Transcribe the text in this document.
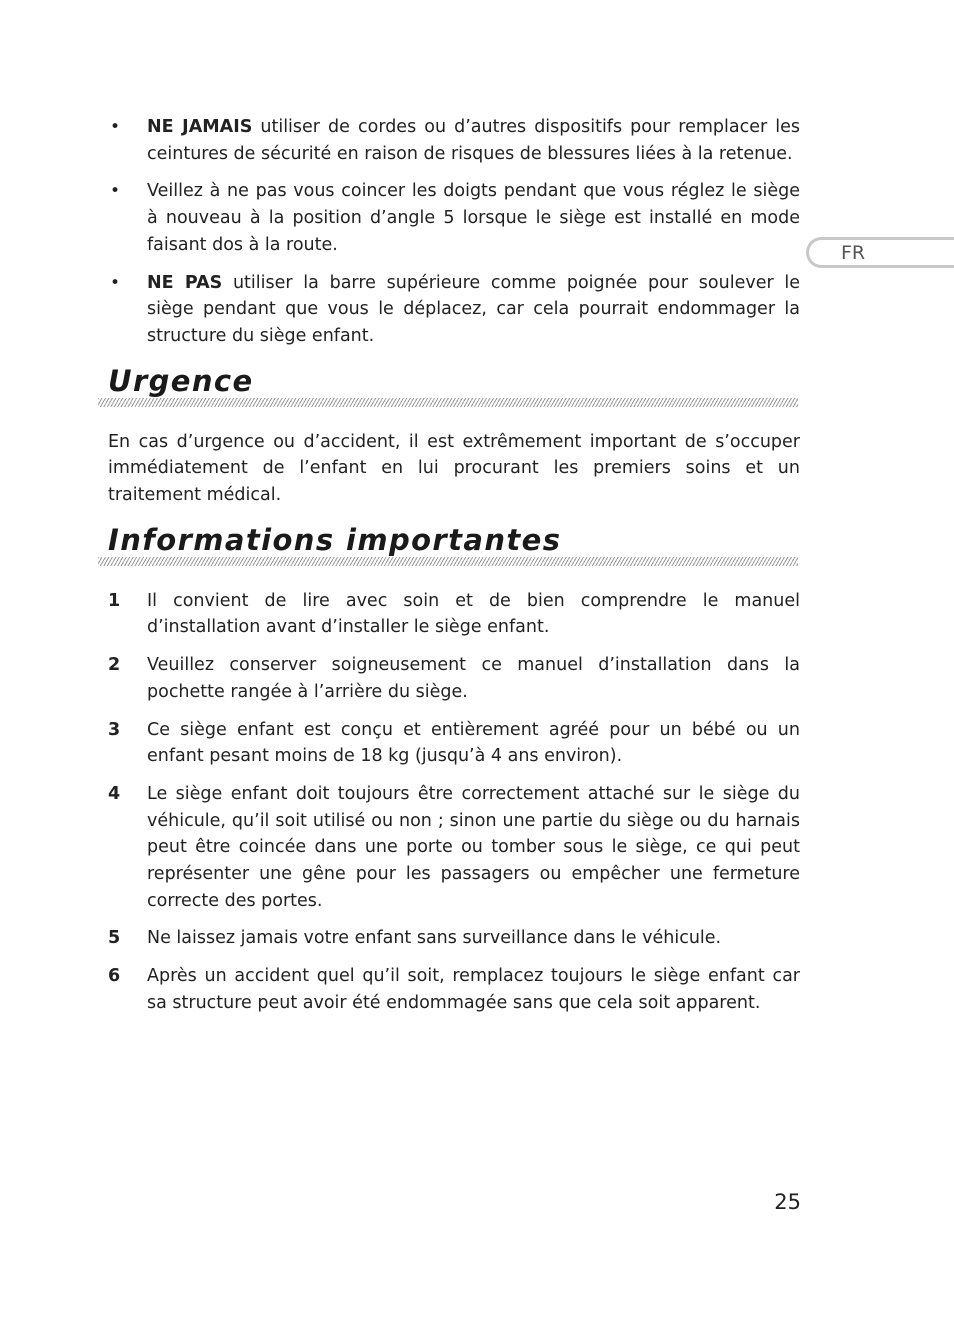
FR
• NE JAMAIS utiliser de cordes ou d’autres dispositifs pour remplacer les ceintures de sécurité en raison de risques de blessures liées à la retenue.
• Veillez à ne pas vous coincer les doigts pendant que vous réglez le siège à nouveau à la position d’angle 5 lorsque le siège est installé en mode faisant dos à la route.
• NE PAS utiliser la barre supérieure comme poignée pour soulever le siège pendant que vous le déplacez, car cela pourrait endommager la structure du siège enfant.
Urgence

En cas d’urgence ou d’accident, il est extrêmement important de s’occuper immédiatement de l’enfant en lui procurant les premiers soins et un traitement médical.

Informations importantes
1 Il convient de lire avec soin et de bien comprendre le manuel d’installation avant d’installer le siège enfant.
2 Veuillez conserver soigneusement ce manuel d’installation dans la pochette rangée à l’arrière du siège.
3 Ce siège enfant est conçu et entièrement agréé pour un bébé ou un enfant pesant moins de 18 kg (jusqu’à 4 ans environ).
4 Le siège enfant doit toujours être correctement attaché sur le siège du véhicule, qu’il soit utilisé ou non ; sinon une partie du siège ou du harnais peut être coincée dans une porte ou tomber sous le siège, ce qui peut représenter une gêne pour les passagers ou empêcher une fermeture correcte des portes.
5 Ne laissez jamais votre enfant sans surveillance dans le véhicule.
6 Après un accident quel qu’il soit, remplacez toujours le siège enfant car sa structure peut avoir été endommagée sans que cela soit apparent.
25
